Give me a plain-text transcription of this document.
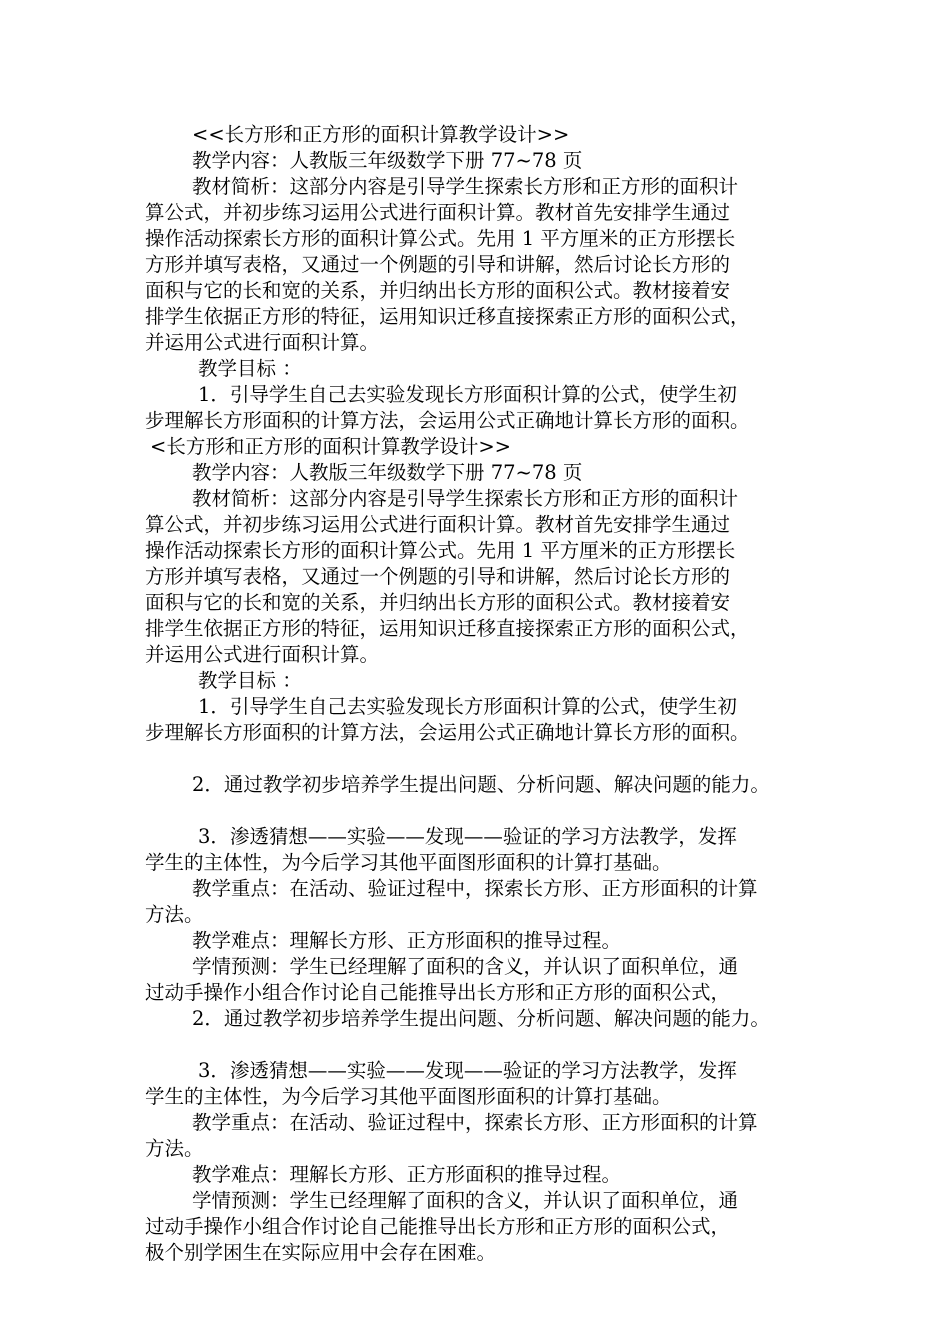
<<长方形和正方形的面积计算教学设计>>
教学内容：人教版三年级数学下册 77~78 页
教材简析：这部分内容是引导学生探索长方形和正方形的面积计
算公式，并初步练习运用公式进行面积计算。教材首先安排学生通过
操作活动探索长方形的面积计算公式。先用 1 平方厘米的正方形摆长
方形并填写表格，又通过一个例题的引导和讲解，然后讨论长方形的
面积与它的长和宽的关系，并归纳出长方形的面积公式。教材接着安
排学生依据正方形的特征，运用知识迁移直接探索正方形的面积公式，
并运用公式进行面积计算。
教学目标 ：
1．引导学生自己去实验发现长方形面积计算的公式，使学生初
步理解长方形面积的计算方法，会运用公式正确地计算长方形的面积。
<长方形和正方形的面积计算教学设计>>
教学内容：人教版三年级数学下册 77~78 页
教材简析：这部分内容是引导学生探索长方形和正方形的面积计
算公式，并初步练习运用公式进行面积计算。教材首先安排学生通过
操作活动探索长方形的面积计算公式。先用 1 平方厘米的正方形摆长
方形并填写表格，又通过一个例题的引导和讲解，然后讨论长方形的
面积与它的长和宽的关系，并归纳出长方形的面积公式。教材接着安
排学生依据正方形的特征，运用知识迁移直接探索正方形的面积公式，
并运用公式进行面积计算。
教学目标 ：
1．引导学生自己去实验发现长方形面积计算的公式，使学生初
步理解长方形面积的计算方法，会运用公式正确地计算长方形的面积。
2．通过教学初步培养学生提出问题、分析问题、解决问题的能力。
3．渗透猜想——实验——发现——验证的学习方法教学，发挥
学生的主体性，为今后学习其他平面图形面积的计算打基础。
教学重点：在活动、验证过程中，探索长方形、正方形面积的计算
方法。
教学难点：理解长方形、正方形面积的推导过程。
学情预测：学生已经理解了面积的含义，并认识了面积单位，通
过动手操作小组合作讨论自己能推导出长方形和正方形的面积公式，
2．通过教学初步培养学生提出问题、分析问题、解决问题的能力。
3．渗透猜想——实验——发现——验证的学习方法教学，发挥
学生的主体性，为今后学习其他平面图形面积的计算打基础。
教学重点：在活动、验证过程中，探索长方形、正方形面积的计算
方法。
教学难点：理解长方形、正方形面积的推导过程。
学情预测：学生已经理解了面积的含义，并认识了面积单位，通
过动手操作小组合作讨论自己能推导出长方形和正方形的面积公式，
极个别学困生在实际应用中会存在困难。
